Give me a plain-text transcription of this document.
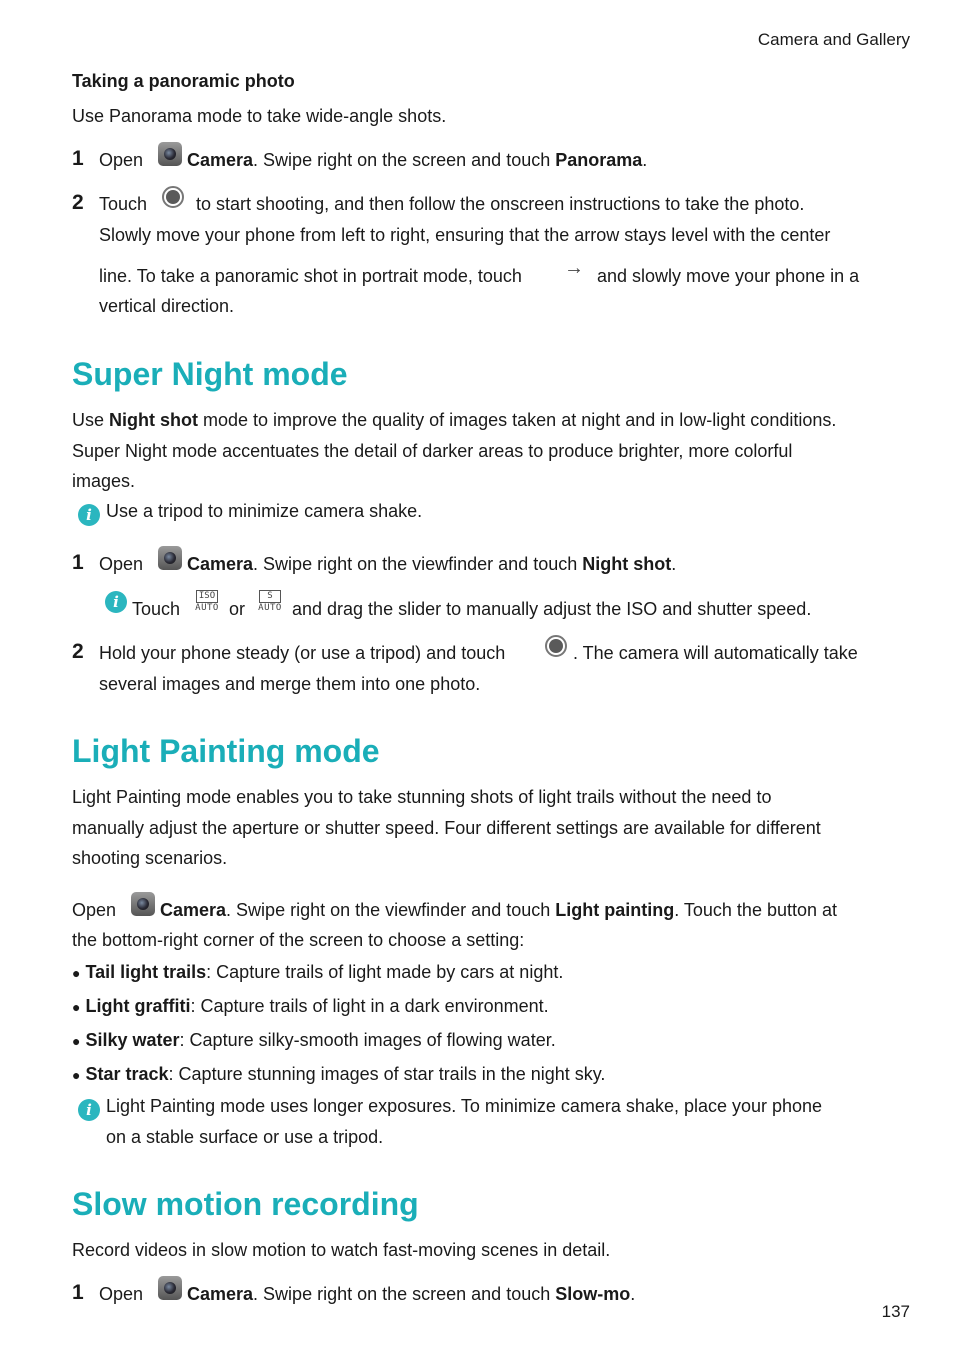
Camera and Gallery
Taking a panoramic photo
Use Panorama mode to take wide-angle shots.
1 Open Camera. Swipe right on the screen and touch Panorama.
2 Touch	to start shooting, and then follow the onscreen instructions to take the photo.
Slowly move your phone from left to right, ensuring that the arrow stays level with the center
line. To take a panoramic shot in portrait mode, touch → and slowly move your phone in a
vertical direction.
Super Night mode
Use Night shot mode to improve the quality of images taken at night and in low-light conditions.
Super Night mode accentuates the detail of darker areas to produce brighter, more colorful
images.
i Use a tripod to minimize camera shake.
1 Open Camera. Swipe right on the viewfinder and touch Night shot.
i Touch
ISO
AUTO or
S
AUTO and drag the slider to manually adjust the ISO and shutter speed.
2 Hold your phone steady (or use a tripod) and touch	. The camera will automatically take
several images and merge them into one photo.
Light Painting mode
Light Painting mode enables you to take stunning shots of light trails without the need to
manually adjust the aperture or shutter speed. Four different settings are available for different
shooting scenarios.
Open Camera. Swipe right on the viewfinder and touch Light painting. Touch the button at
the bottom-right corner of the screen to choose a setting:
● Tail light trails: Capture trails of light made by cars at night.
● Light graffiti: Capture trails of light in a dark environment.
● Silky water: Capture silky-smooth images of flowing water.
● Star track: Capture stunning images of star trails in the night sky.
i Light Painting mode uses longer exposures. To minimize camera shake, place your phone
on a stable surface or use a tripod.
Slow motion recording
Record videos in slow motion to watch fast-moving scenes in detail.
1 Open Camera. Swipe right on the screen and touch Slow-mo.
137
